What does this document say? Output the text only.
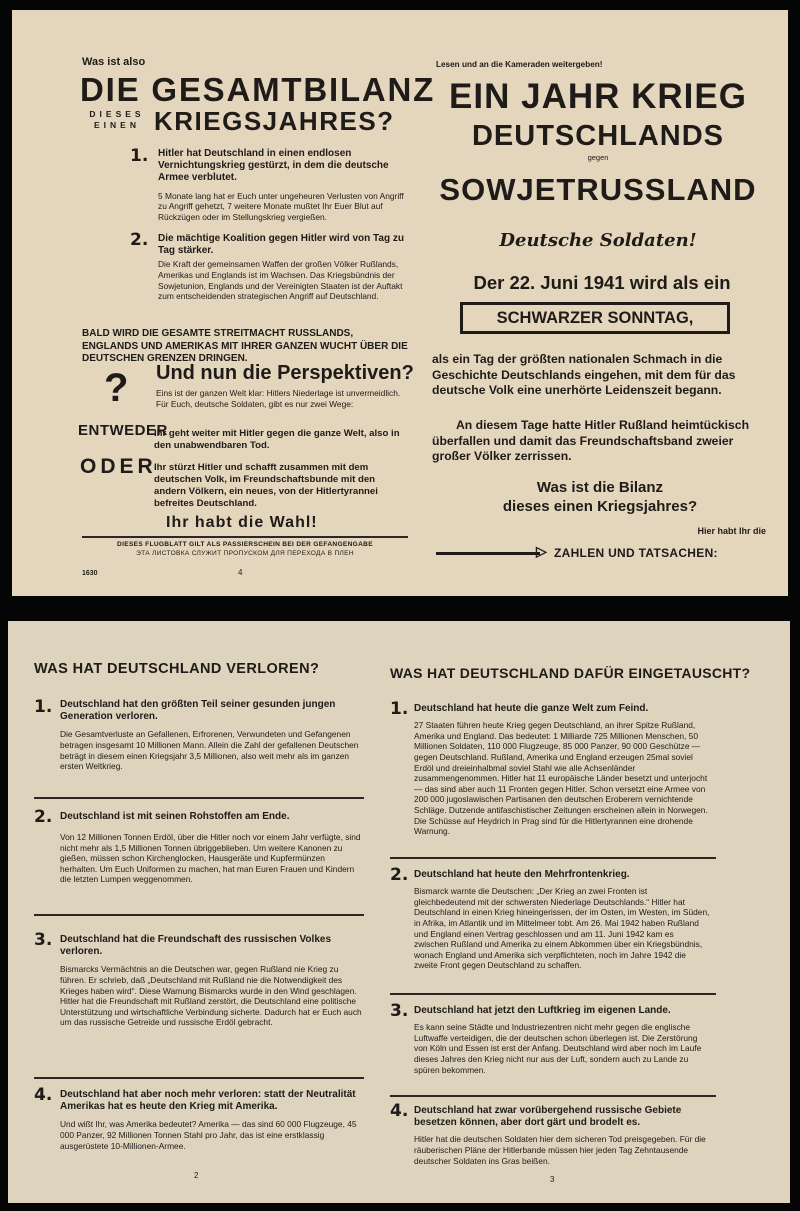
Was ist also
DIE GESAMTBILANZ
DIESES
EINEN KRIEGSJAHRES?
1. Hitler hat Deutschland in einen endlosen Vernichtungskrieg gestürzt, in dem die deutsche Armee verblutet.

5 Monate lang hat er Euch unter ungeheuren Verlusten von Angriff zu Angriff gehetzt, 7 weitere Monate mußtet Ihr Euer Blut auf Rückzügen oder im Stellungskrieg vergießen.

2. Die mächtige Koalition gegen Hitler wird von Tag zu Tag stärker.

Die Kraft der gemeinsamen Waffen der großen Völker Rußlands, Amerikas und Englands ist im Wachsen. Das Kriegsbündnis der Sowjetunion, Englands und der Vereinigten Staaten ist der Auftakt zum entscheidenden strategischen Angriff auf Deutschland.

BALD WIRD DIE GESAMTE STREITMACHT RUSSLANDS, ENGLANDS UND AMERIKAS MIT IHRER GANZEN WUCHT ÜBER DIE DEUTSCHEN GRENZEN DRINGEN.

? Und nun die Perspektiven?

Eins ist der ganzen Welt klar: Hitlers Niederlage ist unvermeidlich. Für Euch, deutsche Soldaten, gibt es nur zwei Wege:

ENTWEDER

Ihr geht weiter mit Hitler gegen die ganze Welt, also in den unabwendbaren Tod.

ODER

Ihr stürzt Hitler und schafft zusammen mit dem deutschen Volk, im Freundschaftsbunde mit den andern Völkern, ein neues, von der Hitlertyrannei befreites Deutschland.

Ihr habt die Wahl!
DIESES FLUGBLATT GILT ALS PASSIERSCHEIN BEI DER GEFANGENGABE
ЭТА ЛИСТОВКА СЛУЖИТ ПРОПУСКОМ ДЛЯ ПЕРЕХОДА В ПЛЕН
1630	4
Lesen und an die Kameraden weitergeben!
EIN JAHR KRIEG
DEUTSCHLANDS
gegen
SOWJETRUSSLAND
Deutsche Soldaten!
Der 22. Juni 1941 wird als ein
SCHWARZER SONNTAG,

als ein Tag der größten nationalen Schmach in die Geschichte Deutschlands eingehen, mit dem für das deutsche Volk eine unerhörte Leidenszeit begann.

An diesem Tage hatte Hitler Rußland heimtückisch überfallen und damit das Freundschaftsband zweier großer Völker zerrissen.

Was ist die Bilanz
dieses einen Kriegsjahres?
Hier habt Ihr die
▷ ZAHLEN UND TATSACHEN:
WAS HAT DEUTSCHLAND VERLOREN?
1. Deutschland hat den größten Teil seiner gesunden jungen Generation verloren.

Die Gesamtverluste an Gefallenen, Erfrorenen, Verwundeten und Gefangenen betragen insgesamt 10 Millionen Mann. Allein die Zahl der gefallenen Deutschen beträgt in diesem einen Kriegsjahr 3,5 Millionen, also weit mehr als im ganzen ersten Weltkrieg.

2. Deutschland ist mit seinen Rohstoffen am Ende.

Von 12 Millionen Tonnen Erdöl, über die Hitler noch vor einem Jahr verfügte, sind nicht mehr als 1,5 Millionen Tonnen übriggeblieben. Um weitere Kanonen zu gießen, müssen schon Kirchenglocken, Hausgeräte und Kupfermünzen herhalten. Um Euch Uniformen zu machen, hat man Euren Frauen und Kindern die letzten Lumpen weggenommen.

3. Deutschland hat die Freundschaft des russischen Volkes verloren.

Bismarcks Vermächtnis an die Deutschen war, gegen Rußland nie Krieg zu führen. Er schrieb, daß „Deutschland mit Rußland nie die Notwendigkeit des Krieges haben wird“. Diese Warnung Bismarcks wurde in den Wind geschlagen. Hitler hat die Freundschaft mit Rußland zerstört, die Deutschland eine politische Unterstützung und wirtschaftliche Verbindung sicherte. Dadurch hat er Euch auch um das russische Getreide und russische Erdöl gebracht.

4. Deutschland hat aber noch mehr verloren: statt der Neutralität Amerikas hat es heute den Krieg mit Amerika.

Und wißt Ihr, was Amerika bedeutet? Amerika — das sind 60 000 Flugzeuge, 45 000 Panzer, 92 Millionen Tonnen Stahl pro Jahr, das ist eine erstklassig ausgerüstete 10-Millionen-Armee.

2
WAS HAT DEUTSCHLAND DAFÜR EINGETAUSCHT?
1. Deutschland hat heute die ganze Welt zum Feind.

27 Staaten führen heute Krieg gegen Deutschland, an ihrer Spitze Rußland, Amerika und England. Das bedeutet: 1 Milliarde 725 Millionen Menschen, 50 Millionen Soldaten, 110 000 Flugzeuge, 85 000 Panzer, 90 000 Geschütze — gegen Deutschland. Rußland, Amerika und England erzeugen 25mal soviel Erdöl und dreieinhalbmal soviel Stahl wie alle Achsenländer zusammengenommen. Hitler hat 11 europäische Länder besetzt und unterjocht — das sind aber auch 11 Fronten gegen Hitler. Schon versetzt eine Armee von 200 000 jugoslawischen Partisanen den deutschen Eroberern vernichtende Schläge. Dutzende antifaschistischer Zeitungen erscheinen allein in Norwegen. Die Schüsse auf Heydrich in Prag sind für die Hitlertyrannen eine drohende Warnung.

2. Deutschland hat heute den Mehrfrontenkrieg.

Bismarck warnte die Deutschen: „Der Krieg an zwei Fronten ist gleichbedeutend mit der schwersten Niederlage Deutschlands.“ Hitler hat Deutschland in einen Krieg hineingerissen, der im Osten, im Westen, im Süden, in Afrika, im Atlantik und im Mittelmeer tobt. Am 26. Mai 1942 haben Rußland und England einen Vertrag geschlossen und am 11. Juni 1942 kam es zwischen Rußland und Amerika zu einem Abkommen über ein Kriegsbündnis, wonach England und Amerika sich verpflichteten, noch im Jahre 1942 die zweite Front gegen Deutschland zu schaffen.

3. Deutschland hat jetzt den Luftkrieg im eigenen Lande.

Es kann seine Städte und Industriezentren nicht mehr gegen die englische Luftwaffe verteidigen, die der deutschen schon überlegen ist. Die Zerstörung von Köln und Essen ist erst der Anfang. Deutschland wird aber noch im Laufe dieses Jahres den Krieg nicht nur aus der Luft, sondern auch zu Lande zu spüren bekommen.

4. Deutschland hat zwar vorübergehend russische Gebiete besetzen können, aber dort gärt und brodelt es.

Hitler hat die deutschen Soldaten hier dem sicheren Tod preisgegeben. Für die räuberischen Pläne der Hitlerbande müssen hier jeden Tag Zehntausende deutscher Soldaten ins Gras beißen.

3
